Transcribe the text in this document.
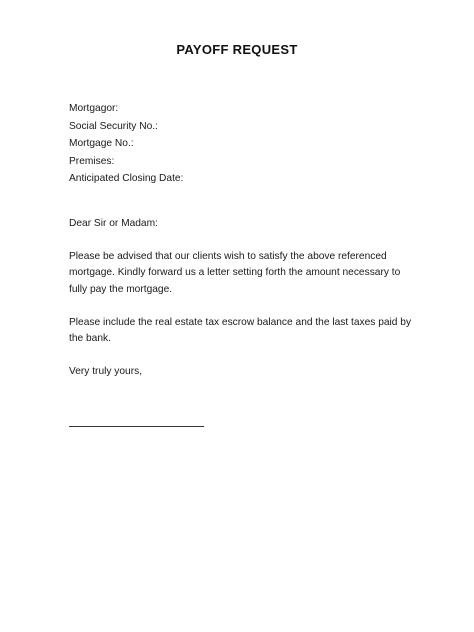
PAYOFF REQUEST
Mortgagor:
Social Security No.:
Mortgage No.:
Premises:
Anticipated Closing Date:
Dear Sir or Madam:
Please be advised that our clients wish to satisfy the above referenced mortgage. Kindly forward us a letter setting forth the amount necessary to fully pay the mortgage.
Please include the real estate tax escrow balance and the last taxes paid by the bank.
Very truly yours,
